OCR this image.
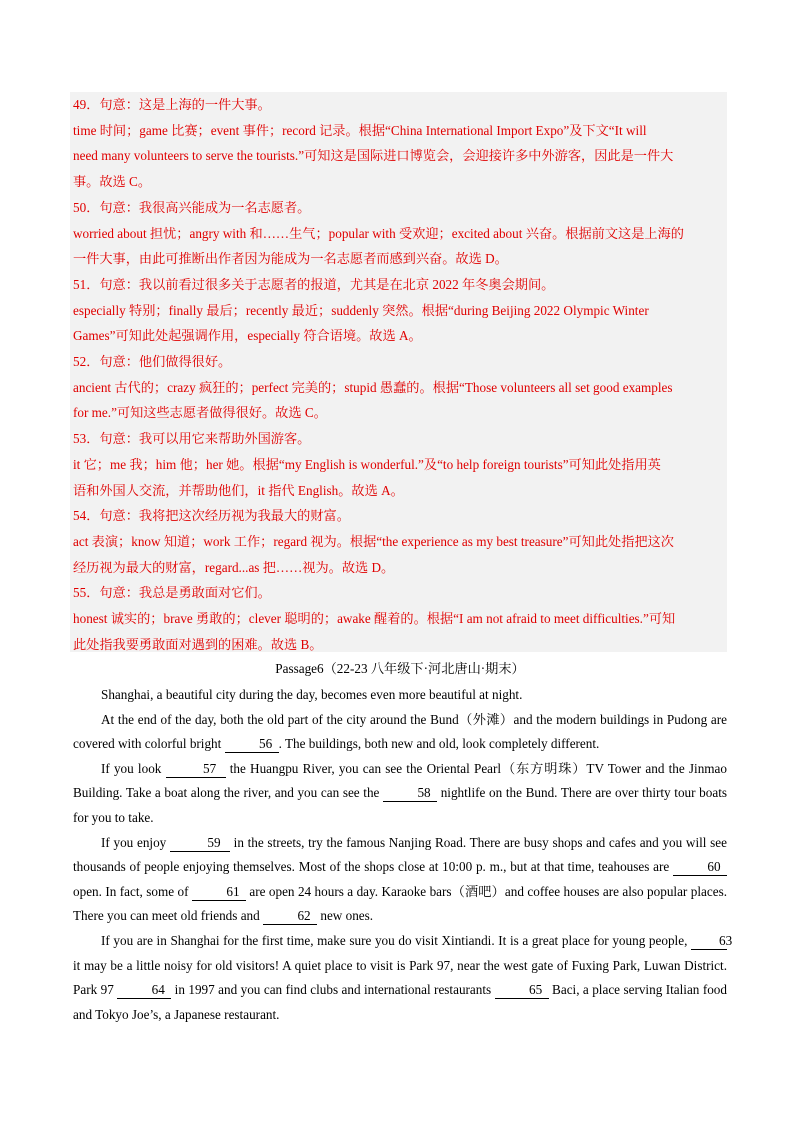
49．句意：这是上海的一件大事。

time 时间；game 比赛；event 事件；record 记录。根据“China International Import Expo”及下文“It will

need many volunteers to serve the tourists.”可知这是国际进口博览会，会迎接许多中外游客，因此是一件大

事。故选 C。

50．句意：我很高兴能成为一名志愿者。

worried about 担忧；angry with 和……生气；popular with 受欢迎；excited about 兴奋。根据前文这是上海的

一件大事，由此可推断出作者因为能成为一名志愿者而感到兴奋。故选 D。

51．句意：我以前看过很多关于志愿者的报道，尤其是在北京 2022 年冬奥会期间。

especially 特别；finally 最后；recently 最近；suddenly 突然。根据“during Beijing 2022 Olympic Winter

Games”可知此处起强调作用，especially 符合语境。故选 A。

52．句意：他们做得很好。

ancient 古代的；crazy 疯狂的；perfect 完美的；stupid 愚蠢的。根据“Those volunteers all set good examples

for me.”可知这些志愿者做得很好。故选 C。

53．句意：我可以用它来帮助外国游客。

it 它；me 我；him 他；her 她。根据“my English is wonderful.”及“to help foreign tourists”可知此处指用英

语和外国人交流，并帮助他们，it 指代 English。故选 A。

54．句意：我将把这次经历视为我最大的财富。

act 表演；know 知道；work 工作；regard 视为。根据“the experience as my best treasure”可知此处指把这次

经历视为最大的财富，regard...as 把……视为。故选 D。

55．句意：我总是勇敢面对它们。

honest 诚实的；brave 勇敢的；clever 聪明的；awake 醒着的。根据“I am not afraid to meet difficulties.”可知

此处指我要勇敢面对遇到的困难。故选 B。

Passage6（22-23 八年级下·河北唐山·期末）

Shanghai, a beautiful city during the day, becomes even more beautiful at night.

At the end of the day, both the old part of the city around the Bund（外滩）and the modern buildings in Pudong are covered with colorful bright	56 . The buildings, both new and old, look completely different.

If you look	57 the Huangpu River, you can see the Oriental Pearl（东方明珠）TV Tower and the Jinmao Building. Take a boat along the river, and you can see the	58 nightlife on the Bund. There are over thirty tour boats for you to take.

If you enjoy	59 in the streets, try the famous Nanjing Road. There are busy shops and cafes and you will see thousands of people enjoying themselves. Most of the shops close at 10:00 p. m., but at that time, teahouses are	60 open. In fact, some of	61 are open 24 hours a day. Karaoke bars（酒吧）and coffee houses are also popular places. There you can meet old friends and	62 new ones.

If you are in Shanghai for the first time, make sure you do visit Xintiandi. It is a great place for young people, 63 it may be a little noisy for old visitors! A quiet place to visit is Park 97, near the west gate of Fuxing Park, Luwan District. Park 97	64 in 1997 and you can find clubs and international restaurants	65 Baci, a place serving Italian food and Tokyo Joe’s, a Japanese restaurant.
